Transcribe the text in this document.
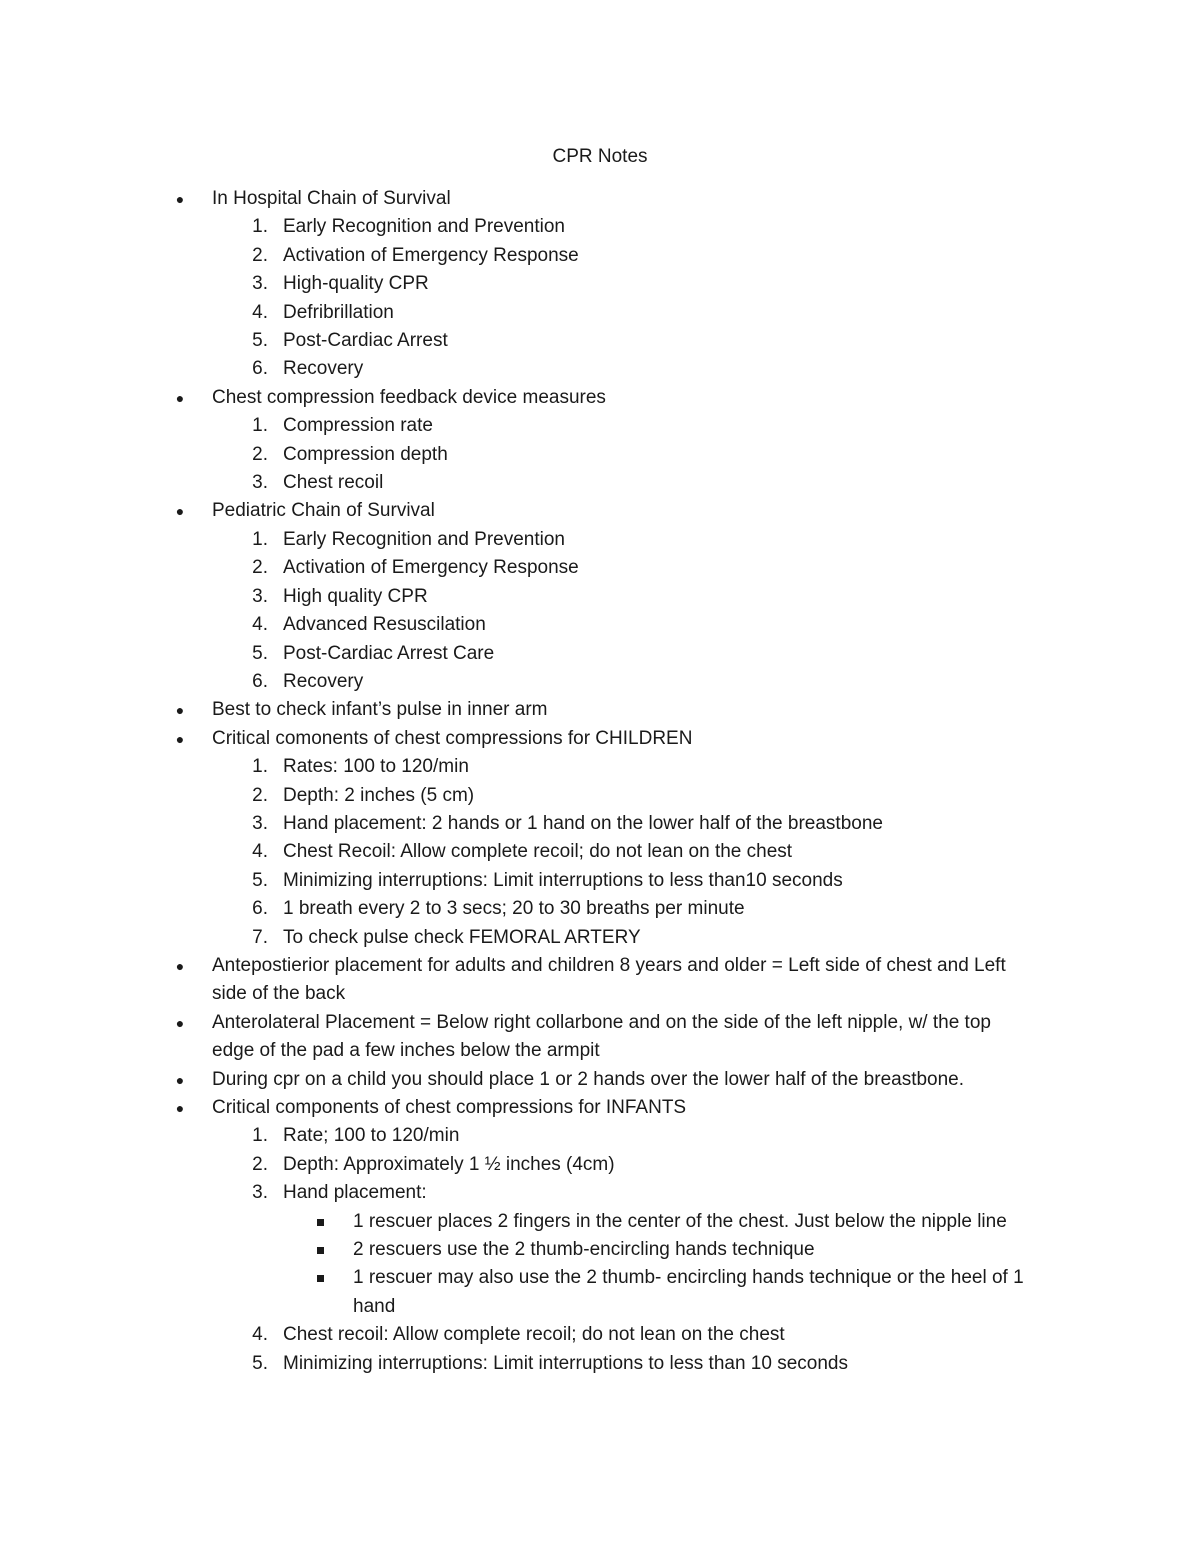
CPR Notes
● In Hospital Chain of Survival
1. Early Recognition and Prevention
2. Activation of Emergency Response
3. High-quality CPR
4. Defribrillation
5. Post-Cardiac Arrest
6. Recovery
● Chest compression feedback device measures
1. Compression rate
2. Compression depth
3. Chest recoil
● Pediatric Chain of Survival
1. Early Recognition and Prevention
2. Activation of Emergency Response
3. High quality CPR
4. Advanced Resuscilation
5. Post-Cardiac Arrest Care
6. Recovery
● Best to check infant’s pulse in inner arm
● Critical comonents of chest compressions for CHILDREN
1. Rates: 100 to 120/min
2. Depth: 2 inches (5 cm)
3. Hand placement: 2 hands or 1 hand on the lower half of the breastbone
4. Chest Recoil: Allow complete recoil; do not lean on the chest
5. Minimizing interruptions: Limit interruptions to less than10 seconds
6. 1 breath every 2 to 3 secs; 20 to 30 breaths per minute
7. To check pulse check FEMORAL ARTERY
● Antepostierior placement for adults and children 8 years and older = Left side of chest and Left
side of the back
● Anterolateral Placement = Below right collarbone and on the side of the left nipple, w/ the top
edge of the pad a few inches below the armpit
● During cpr on a child you should place 1 or 2 hands over the lower half of the breastbone.
● Critical components of chest compressions for INFANTS
1. Rate; 100 to 120/min
2. Depth: Approximately 1 ½ inches (4cm)
3. Hand placement:
1 rescuer places 2 fingers in the center of the chest. Just below the nipple line
2 rescuers use the 2 thumb-encircling hands technique
1 rescuer may also use the 2 thumb- encircling hands technique or the heel of 1
hand
4. Chest recoil: Allow complete recoil; do not lean on the chest
5. Minimizing interruptions: Limit interruptions to less than 10 seconds
